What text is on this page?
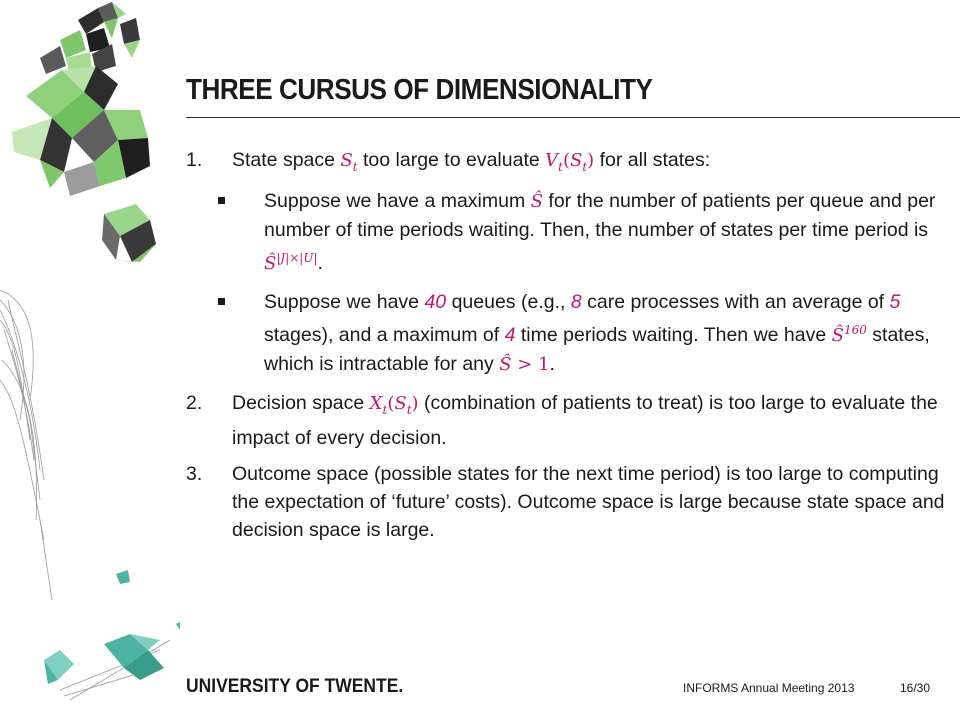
THREE CURSUS OF DIMENSIONALITY
1. State space $S_t$ too large to evaluate $V_t(S_t)$ for all states:
Suppose we have a maximum Ŝ for the number of patients per queue and per number of time periods waiting. Then, the number of states per time period is $Ŝ^{|J|\times|U|}$.
Suppose we have 40 queues (e.g., 8 care processes with an average of 5 stages), and a maximum of 4 time periods waiting. Then we have $Ŝ^{160}$ states, which is intractable for any Ŝ > 1.
2. Decision space $X_t(S_t)$ (combination of patients to treat) is too large to evaluate the impact of every decision.
3. Outcome space (possible states for the next time period) is too large to computing the expectation of ‘future’ costs). Outcome space is large because state space and decision space is large.
UNIVERSITY OF TWENTE.	INFORMS Annual Meeting 2013	16/30
